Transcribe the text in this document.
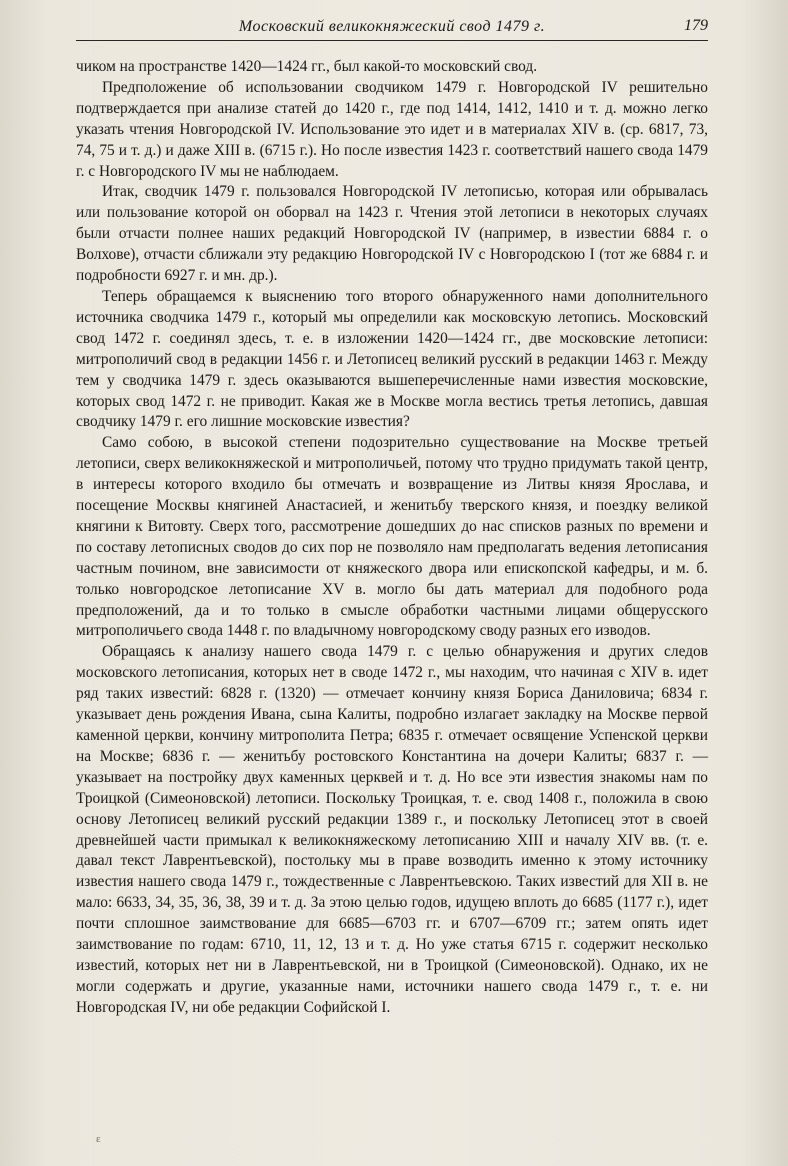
Московский великокняжеский свод 1479 г.	179

чиком на пространстве 1420—1424 гг., был какой-то московский свод.

Предположение об использовании сводчиком 1479 г. Новгородской IV решительно подтверждается при анализе статей до 1420 г., где под 1414, 1412, 1410 и т. д. можно легко указать чтения Новгородской IV. Использование это идет и в материалах XIV в. (ср. 6817, 73, 74, 75 и т. д.) и даже XIII в. (6715 г.). Но после известия 1423 г. соответствий нашего свода 1479 г. с Новгородского IV мы не наблюдаем.

Итак, сводчик 1479 г. пользовался Новгородской IV летописью, которая или обрывалась или пользование которой он оборвал на 1423 г. Чтения этой летописи в некоторых случаях были отчасти полнее наших редакций Новгородской IV (например, в известии 6884 г. о Волхове), отчасти сближали эту редакцию Новгородской IV с Новгородскою I (тот же 6884 г. и подробности 6927 г. и мн. др.).

Теперь обращаемся к выяснению того второго обнаруженного нами дополнительного источника сводчика 1479 г., который мы определили как московскую летопись. Московский свод 1472 г. соединял здесь, т. е. в изложении 1420—1424 гг., две московские летописи: митрополичий свод в редакции 1456 г. и Летописец великий русский в редакции 1463 г. Между тем у сводчика 1479 г. здесь оказываются вышеперечисленные нами известия московские, которых свод 1472 г. не приводит. Какая же в Москве могла вестись третья летопись, давшая сводчику 1479 г. его лишние московские известия?

Само собою, в высокой степени подозрительно существование на Москве третьей летописи, сверх великокняжеской и митрополичьей, потому что трудно придумать такой центр, в интересы которого входило бы отмечать и возвращение из Литвы князя Ярослава, и посещение Москвы княгиней Анастасией, и женитьбу тверского князя, и поездку великой княгини к Витовту. Сверх того, рассмотрение дошедших до нас списков разных по времени и по составу летописных сводов до сих пор не позволяло нам предполагать ведения летописания частным почином, вне зависимости от княжеского двора или епископской кафедры, и м. б. только новгородское летописание XV в. могло бы дать материал для подобного рода предположений, да и то только в смысле обработки частными лицами общерусского митрополичьего свода 1448 г. по владычному новгородскому своду разных его изводов.

Обращаясь к анализу нашего свода 1479 г. с целью обнаружения и других следов московского летописания, которых нет в своде 1472 г., мы находим, что начиная с XIV в. идет ряд таких известий: 6828 г. (1320) — отмечает кончину князя Бориса Даниловича; 6834 г. указывает день рождения Ивана, сына Калиты, подробно излагает закладку на Москве первой каменной церкви, кончину митрополита Петра; 6835 г. отмечает освящение Успенской церкви на Москве; 6836 г. — женитьбу ростовского Константина на дочери Калиты; 6837 г. — указывает на постройку двух каменных церквей и т. д. Но все эти известия знакомы нам по Троицкой (Симеоновской) летописи. Поскольку Троицкая, т. е. свод 1408 г., положила в свою основу Летописец великий русский редакции 1389 г., и поскольку Летописец этот в своей древнейшей части примыкал к великокняжескому летописанию XIII и началу XIV вв. (т. е. давал текст Лаврентьевской), постольку мы в праве возводить именно к этому источнику известия нашего свода 1479 г., тождественные с Лаврентьевскою. Таких известий для XII в. не мало: 6633, 34, 35, 36, 38, 39 и т. д. За этою целью годов, идущею вплоть до 6685 (1177 г.), идет почти сплошное заимствование для 6685—6703 гг. и 6707—6709 гг.; затем опять идет заимствование по годам: 6710, 11, 12, 13 и т. д. Но уже статья 6715 г. содержит несколько известий, которых нет ни в Лаврентьевской, ни в Троицкой (Симеоновской). Однако, их не могли содержать и другие, указанные нами, источники нашего свода 1479 г., т. е. ни Новгородская IV, ни обе редакции Софийской I.

ε
